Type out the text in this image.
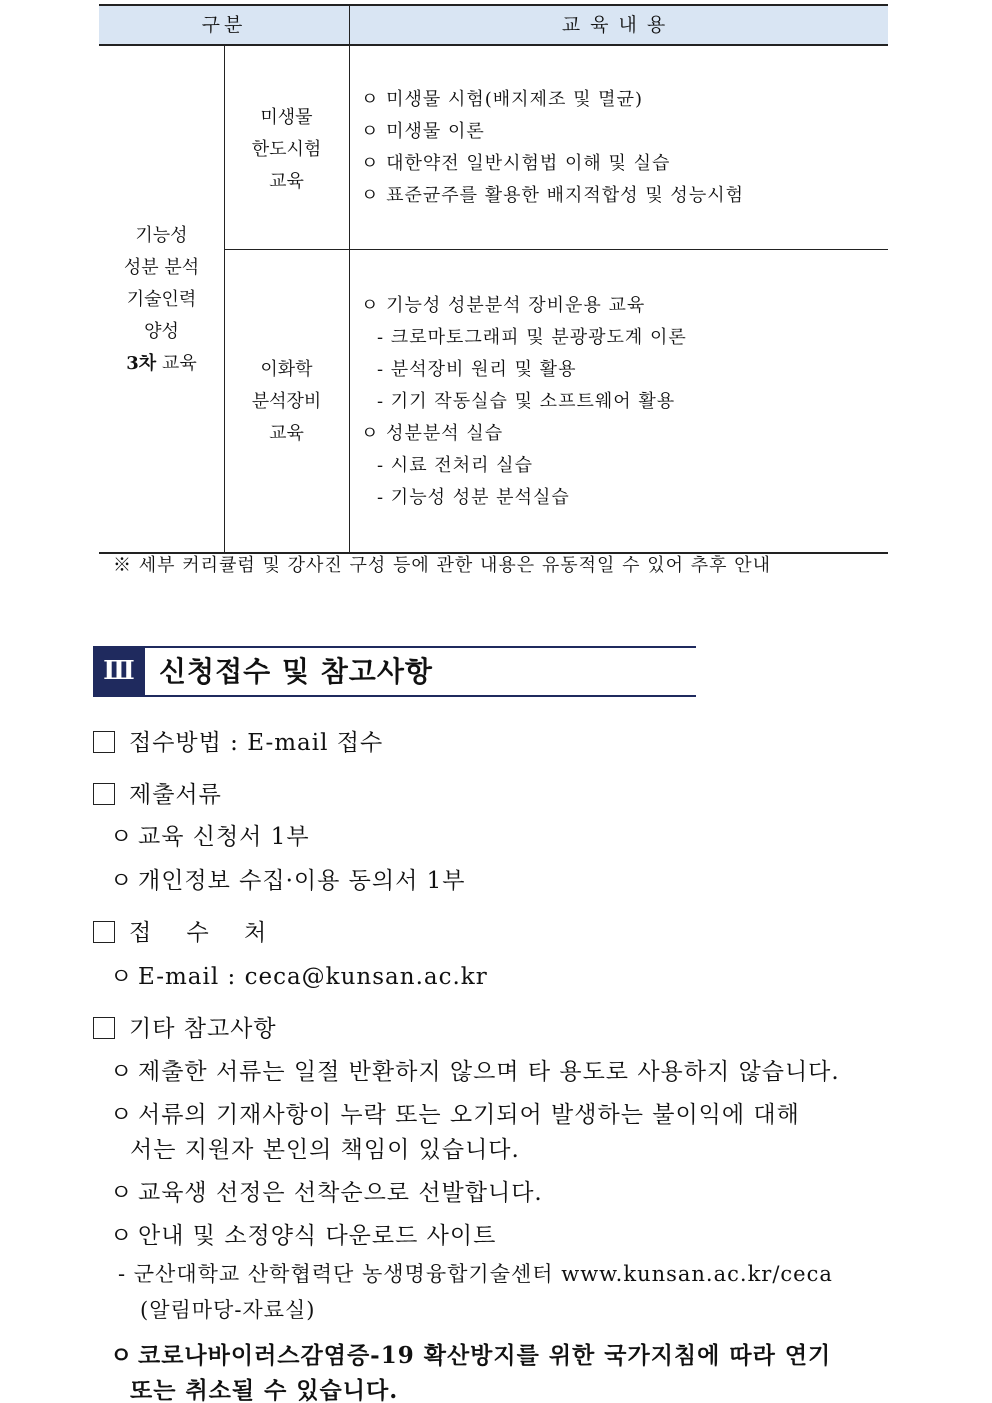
구분	교육내용
기능성
성분 분석
기술인력
양성
3차 교육
미생물
한도시험
교육
ㅇ 미생물 시험(배지제조 및 멸균)
ㅇ 미생물 이론
ㅇ 대한약전 일반시험법 이해 및 실습
ㅇ 표준균주를 활용한 배지적합성 및 성능시험
이화학
분석장비
교육
ㅇ 기능성 성분분석 장비운용 교육
- 크로마토그래피 및 분광광도계 이론
- 분석장비 원리 및 활용
- 기기 작동실습 및 소프트웨어 활용
ㅇ 성분분석 실습
- 시료 전처리 실습
- 기능성 성분 분석실습
※ 세부 커리큘럼 및 강사진 구성 등에 관한 내용은 유동적일 수 있어 추후 안내
Ⅲ 신청접수 및 참고사항
접수방법 : E-mail 접수
제출서류
ㅇ 교육 신청서 1부
ㅇ 개인정보 수집·이용 동의서 1부
접 수 처
ㅇ E-mail : ceca@kunsan.ac.kr
기타 참고사항
ㅇ 제출한 서류는 일절 반환하지 않으며 타 용도로 사용하지 않습니다.
ㅇ 서류의 기재사항이 누락 또는 오기되어 발생하는 불이익에 대해
서는 지원자 본인의 책임이 있습니다.
ㅇ 교육생 선정은 선착순으로 선발합니다.
ㅇ 안내 및 소정양식 다운로드 사이트
- 군산대학교 산학협력단 농생명융합기술센터 www.kunsan.ac.kr/ceca
(알림마당-자료실)
ㅇ 코로나바이러스감염증-19 확산방지를 위한 국가지침에 따라 연기
또는 취소될 수 있습니다.
